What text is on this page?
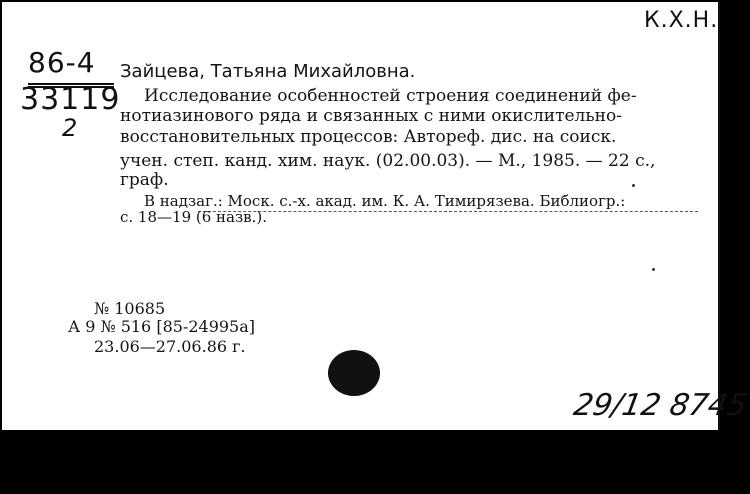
К.Х.Н.
86-4
33119
2
Зайцева, Татьяна Михайловна.
Исследование особенностей строения соединений фе-
нотиазинового ряда и связанных с ними окислительно-
восстановительных процессов: Автореф. дис. на соиск.
учен. степ. канд. хим. наук. (02.00.03). — М., 1985. — 22 с.,
граф.
В надзаг.: Моск. с.-х. акад. им. К. А. Тимирязева. Библиогр.:
с. 18—19 (6 назв.).
№ 10685
А 9 № 516 [85-24995а]
23.06—27.06.86 г.
29/12 8745
